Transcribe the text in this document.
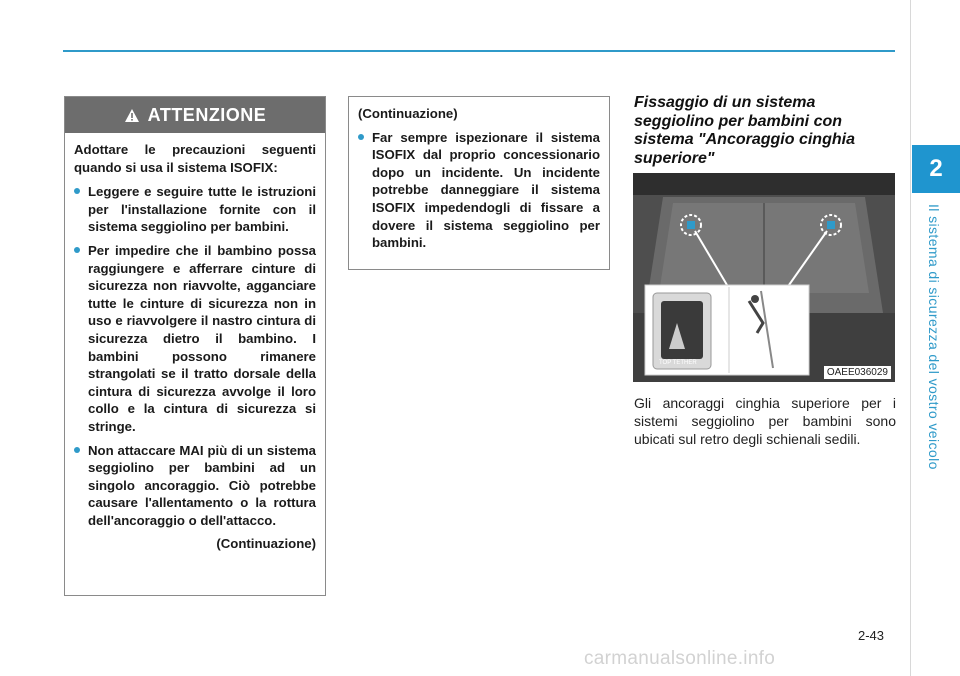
2
Il sistema di sicurezza del vostro veicolo
ATTENZIONE

Adottare le precauzioni seguenti quando si usa il sistema ISOFIX:

Leggere e seguire tutte le istruzioni per l'installazione fornite con il sistema seggiolino per bambini.
Per impedire che il bambino possa raggiungere e afferrare cinture di sicurezza non riavvolte, agganciare tutte le cinture di sicurezza non in uso e riavvolgere il nastro cintura di sicurezza dietro il bambino. I bambini possono rimanere strangolati se il tratto dorsale della cintura di sicurezza avvolge il loro collo e la cintura di sicurezza si stringe.
Non attaccare MAI più di un sistema seggiolino per bambini ad un singolo ancoraggio. Ciò potrebbe causare l'allentamento o la rottura dell'ancoraggio o dell'attacco.
(Continuazione)

(Continuazione)

Far sempre ispezionare il sistema ISOFIX dal proprio concessionario dopo un incidente. Un incidente potrebbe danneggiare il sistema ISOFIX impedendogli di fissare a dovere il sistema seggiolino per bambini.
Fissaggio di un sistema seggiolino per bambini con sistema "Ancoraggio cinghia superiore"
TOP TETHER
OAEE036029
Gli ancoraggi cinghia superiore per i sistemi seggiolino per bambini sono ubicati sul retro degli schienali sedili.
2-43
carmanualsonline.info
